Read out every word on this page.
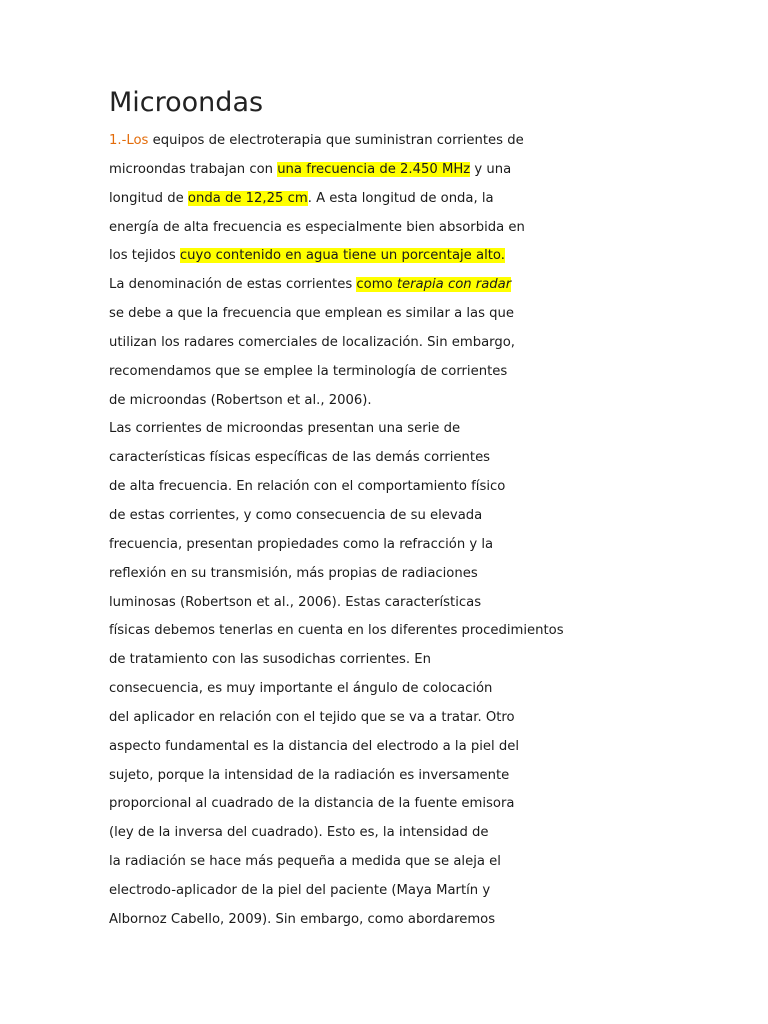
Microondas
1.-Los equipos de electroterapia que suministran corrientes de
microondas trabajan con una frecuencia de 2.450 MHz y una
longitud de onda de 12,25 cm. A esta longitud de onda, la
energía de alta frecuencia es especialmente bien absorbida en
los tejidos cuyo contenido en agua tiene un porcentaje alto.
La denominación de estas corrientes como terapia con radar
se debe a que la frecuencia que emplean es similar a las que
utilizan los radares comerciales de localización. Sin embargo,
recomendamos que se emplee la terminología de corrientes
de microondas (Robertson et al., 2006).
Las corrientes de microondas presentan una serie de
características físicas específicas de las demás corrientes
de alta frecuencia. En relación con el comportamiento físico
de estas corrientes, y como consecuencia de su elevada
frecuencia, presentan propiedades como la refracción y la
reflexión en su transmisión, más propias de radiaciones
luminosas (Robertson et al., 2006). Estas características
físicas debemos tenerlas en cuenta en los diferentes procedimientos
de tratamiento con las susodichas corrientes. En
consecuencia, es muy importante el ángulo de colocación
del aplicador en relación con el tejido que se va a tratar. Otro
aspecto fundamental es la distancia del electrodo a la piel del
sujeto, porque la intensidad de la radiación es inversamente
proporcional al cuadrado de la distancia de la fuente emisora
(ley de la inversa del cuadrado). Esto es, la intensidad de
la radiación se hace más pequeña a medida que se aleja el
electrodo-aplicador de la piel del paciente (Maya Martín y
Albornoz Cabello, 2009). Sin embargo, como abordaremos
